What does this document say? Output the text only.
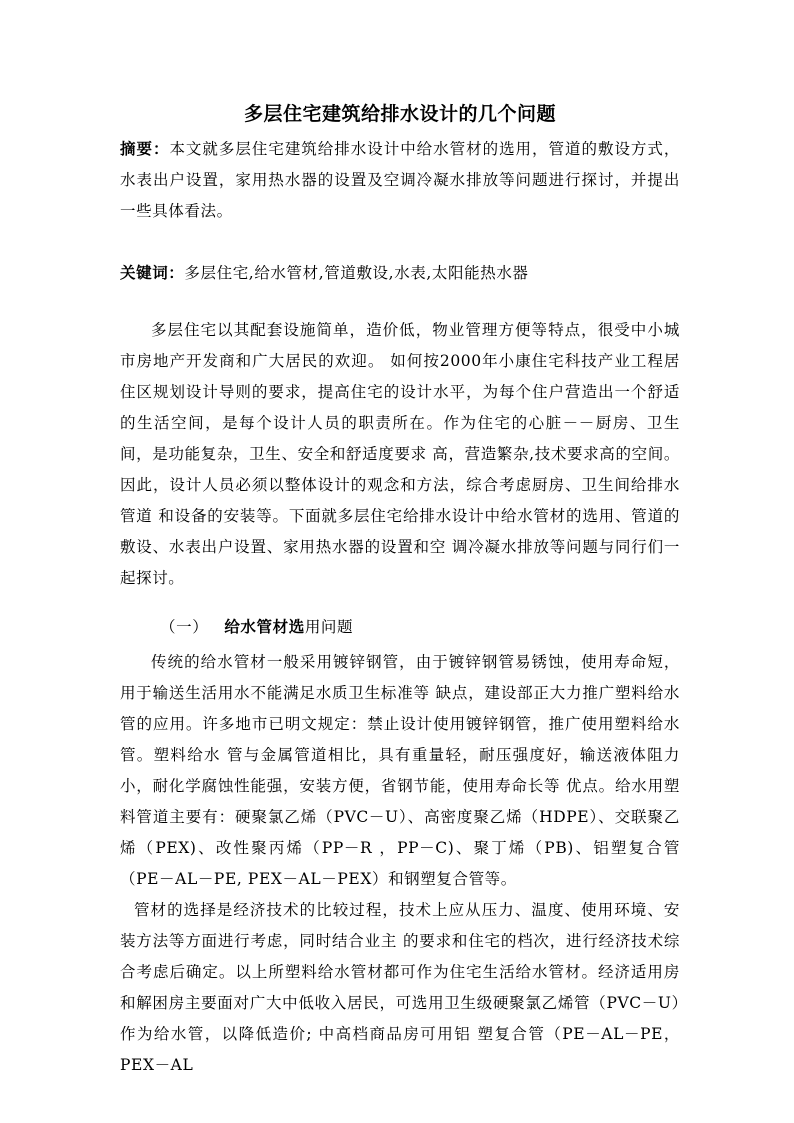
多层住宅建筑给排水设计的几个问题

摘要：本文就多层住宅建筑给排水设计中给水管材的选用，管道的敷设方式，水表出户设置，家用热水器的设置及空调冷凝水排放等问题进行探讨，并提出一些具体看法。

关键词：多层住宅,给水管材,管道敷设,水表,太阳能热水器

多层住宅以其配套设施简单，造价低，物业管理方便等特点，很受中小城市房地产开发商和广大居民的欢迎。 如何按2000年小康住宅科技产业工程居住区规划设计导则的要求，提高住宅的设计水平，为每个住户营造出一个舒适 的生活空间，是每个设计人员的职责所在。作为住宅的心脏－－厨房、卫生间，是功能复杂，卫生、安全和舒适度要求 高，营造繁杂,技术要求高的空间。因此，设计人员必须以整体设计的观念和方法，综合考虑厨房、卫生间给排水管道 和设备的安装等。下面就多层住宅给排水设计中给水管材的选用、管道的敷设、水表出户设置、家用热水器的设置和空 调冷凝水排放等问题与同行们一起探讨。

（一） 给水管材选用问题

传统的给水管材一般采用镀锌钢管，由于镀锌钢管易锈蚀，使用寿命短，用于输送生活用水不能满足水质卫生标准等 缺点，建设部正大力推广塑料给水管的应用。许多地市已明文规定：禁止设计使用镀锌钢管，推广使用塑料给水管。塑料给水 管与金属管道相比，具有重量轻，耐压强度好，输送液体阻力小，耐化学腐蚀性能强，安装方便，省钢节能，使用寿命长等 优点。给水用塑料管道主要有：硬聚氯乙烯（PVC－U）、高密度聚乙烯（HDPE）、交联聚乙烯（PEX)、改性聚丙烯（PP－R ，PP－C)、聚丁烯（PB)、铝塑复合管（PE－AL－PE, PEX－AL－PEX）和钢塑复合管等。

管材的选择是经济技术的比较过程，技术上应从压力、温度、使用环境、安装方法等方面进行考虑，同时结合业主 的要求和住宅的档次，进行经济技术综合考虑后确定。以上所塑料给水管材都可作为住宅生活给水管材。经济适用房和解困房主要面对广大中低收入居民，可选用卫生级硬聚氯乙烯管（PVC－U）作为给水管，以降低造价; 中高档商品房可用铝 塑复合管（PE－AL－PE，PEX－AL
